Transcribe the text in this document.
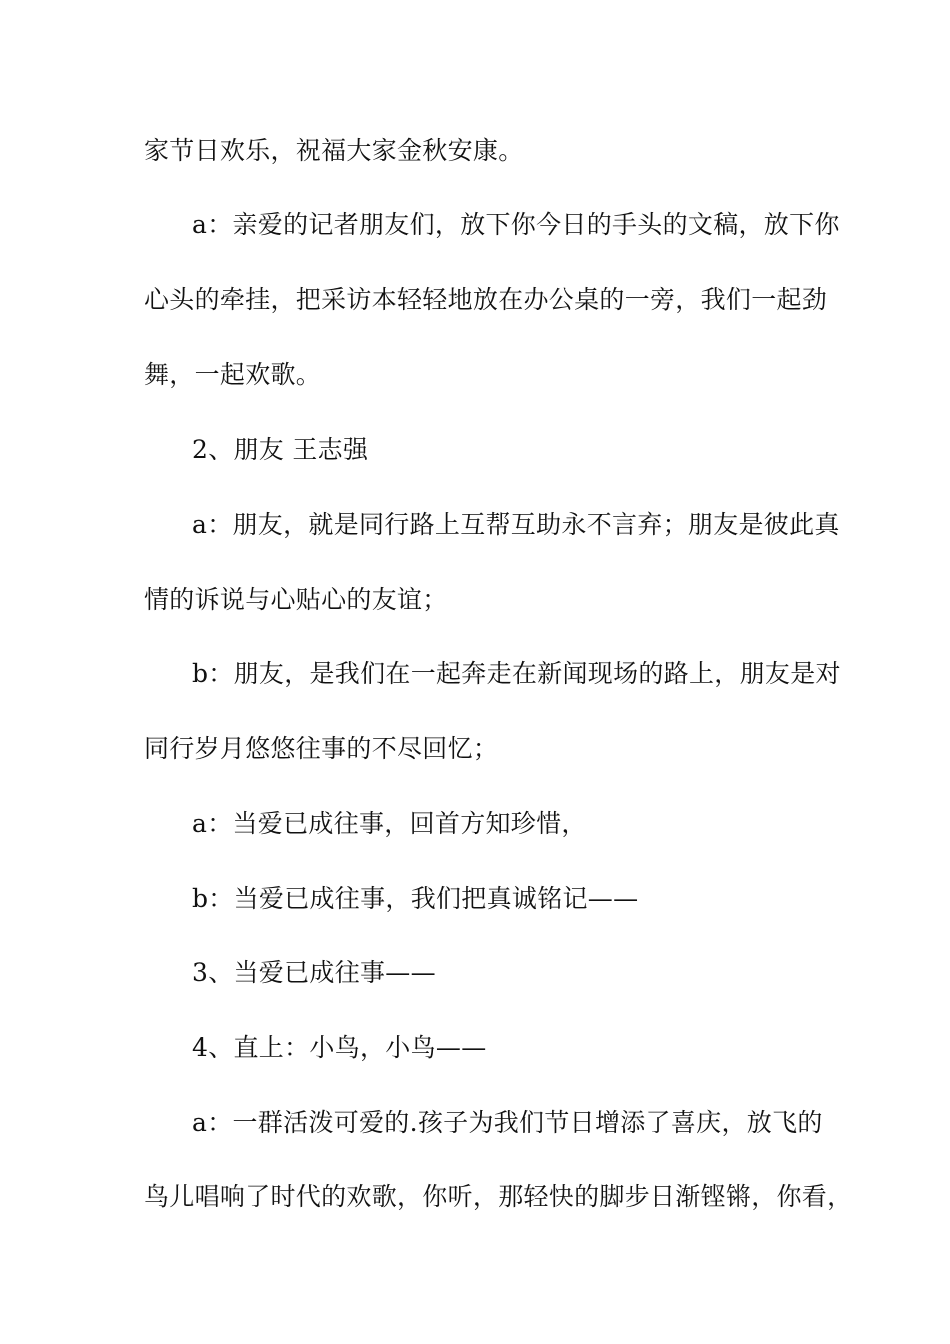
家节日欢乐，祝福大家金秋安康。
a：亲爱的记者朋友们，放下你今日的手头的文稿，放下你
心头的牵挂，把采访本轻轻地放在办公桌的一旁，我们一起劲
舞，一起欢歌。
2、朋友 王志强
a：朋友，就是同行路上互帮互助永不言弃；朋友是彼此真
情的诉说与心贴心的友谊；
b：朋友，是我们在一起奔走在新闻现场的路上，朋友是对
同行岁月悠悠往事的不尽回忆；
a：当爱已成往事，回首方知珍惜，
b：当爱已成往事，我们把真诚铭记——
3、当爱已成往事——
4、直上：小鸟，小鸟——
a：一群活泼可爱的.孩子为我们节日增添了喜庆，放飞的
鸟儿唱响了时代的欢歌，你听，那轻快的脚步日渐铿锵，你看，
